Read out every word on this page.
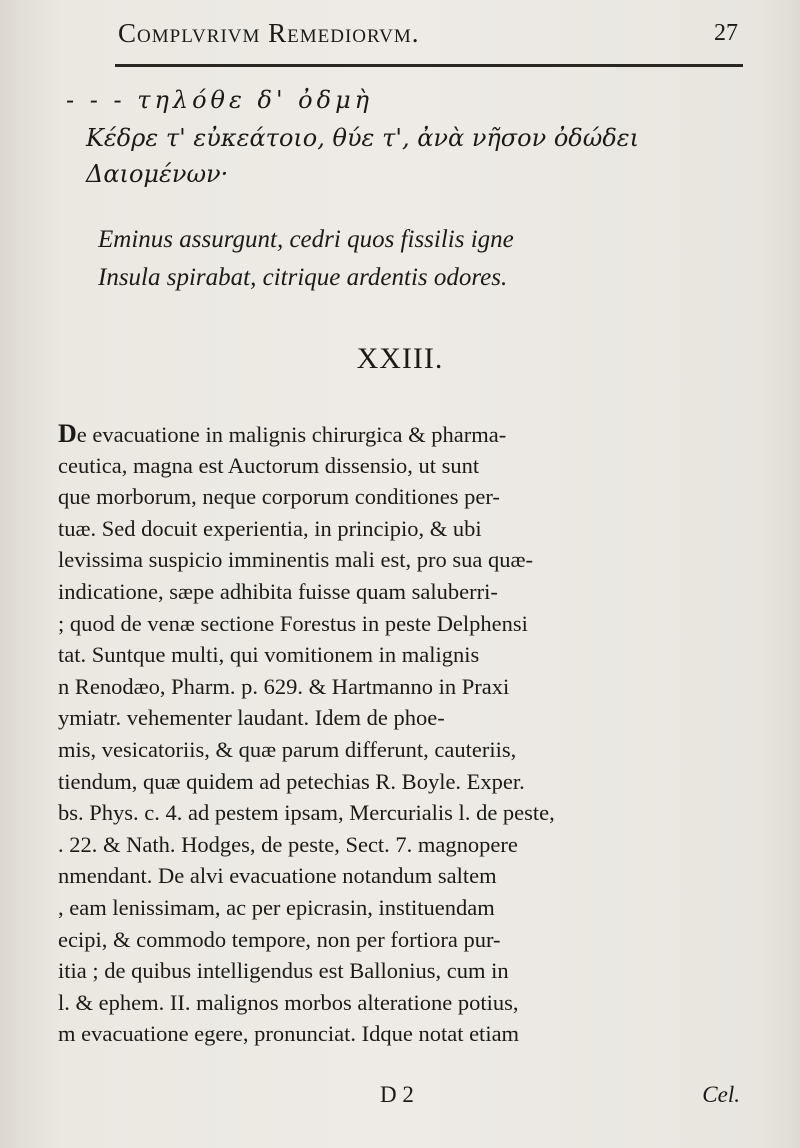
Complvrivm Remediorvm.	27
- - - τηλόθε δ' ὀδμὴ
Κέδρε τ' εὐκεάτοιο, θύε τ', ἀνὰ νῆσον ὀδώδει
Δαιομένων·
Eminus assurgunt, cedri quos fissilis igne
Insula spirabat, citrique ardentis odores.
XXIII.
De evacuatione in malignis chirurgica & pharma-
ceutica, magna est Auctorum dissensio, ut sunt
que morborum, neque corporum conditiones per-
tuæ. Sed docuit experientia, in principio, & ubi
levissima suspicio imminentis mali est, pro sua quæ-
indicatione, sæpe adhibita fuisse quam saluberri-
; quod de venæ sectione Forestus in peste Delphensi
tat. Suntque multi, qui vomitionem in malignis
n Renodæo, Pharm. p. 629. & Hartmanno in Praxi
ymiatr. vehementer laudant. Idem de phoe-
mis, vesicatoriis, & quæ parum differunt, cauteriis,
tiendum, quæ quidem ad petechias R. Boyle. Exper.
bs. Phys. c. 4. ad pestem ipsam, Mercurialis l. de peste,
. 22. & Nath. Hodges, de peste, Sect. 7. magnopere
nmendant. De alvi evacuatione notandum saltem
, eam lenissimam, ac per epicrasin, instituendam
ecipi, & commodo tempore, non per fortiora pur-
itia ; de quibus intelligendus est Ballonius, cum in
l. & ephem. II. malignos morbos alteratione potius,
m evacuatione egere, pronunciat. Idque notat etiam
D 2	Cel.
